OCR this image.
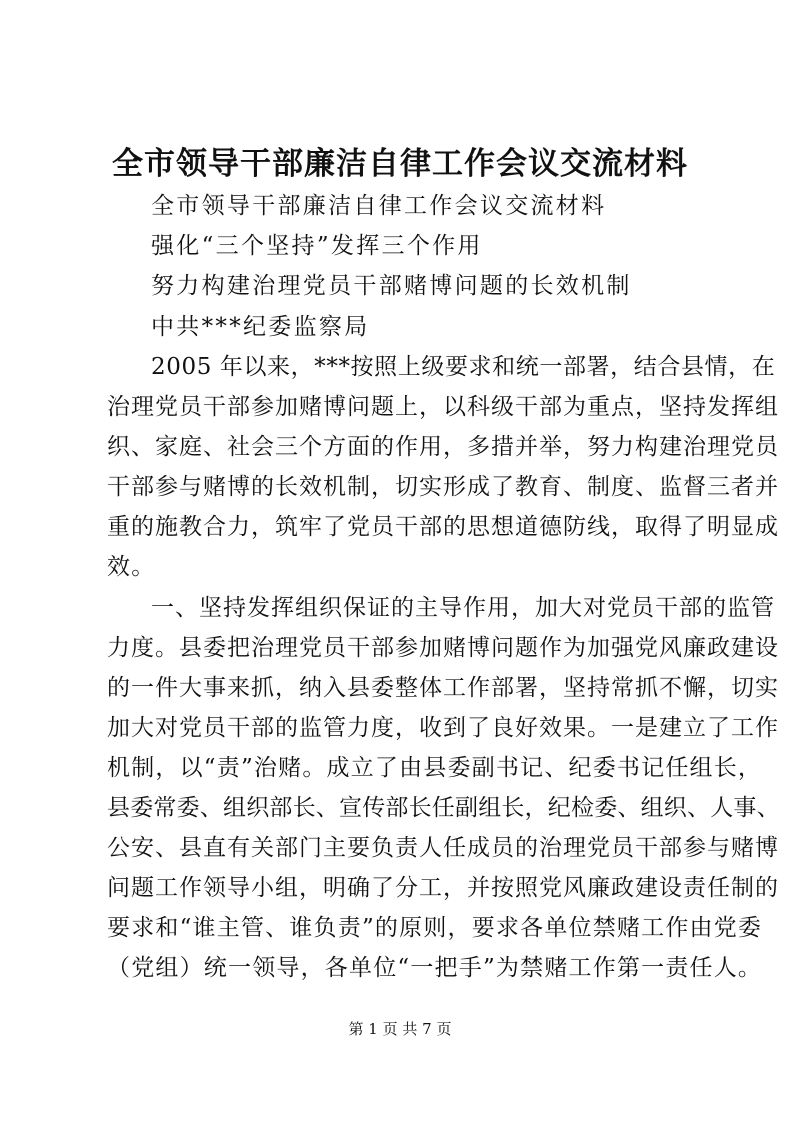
全市领导干部廉洁自律工作会议交流材料
全市领导干部廉洁自律工作会议交流材料
强化“三个坚持”发挥三个作用
努力构建治理党员干部赌博问题的长效机制
中共***纪委监察局
2005 年以来，***按照上级要求和统一部署，结合县情，在
治理党员干部参加赌博问题上，以科级干部为重点，坚持发挥组
织、家庭、社会三个方面的作用，多措并举，努力构建治理党员
干部参与赌博的长效机制，切实形成了教育、制度、监督三者并
重的施教合力，筑牢了党员干部的思想道德防线，取得了明显成
效。
一、坚持发挥组织保证的主导作用，加大对党员干部的监管
力度。县委把治理党员干部参加赌博问题作为加强党风廉政建设
的一件大事来抓，纳入县委整体工作部署，坚持常抓不懈，切实
加大对党员干部的监管力度，收到了良好效果。一是建立了工作
机制，以“责”治赌。成立了由县委副书记、纪委书记任组长，
县委常委、组织部长、宣传部长任副组长，纪检委、组织、人事、
公安、县直有关部门主要负责人任成员的治理党员干部参与赌博
问题工作领导小组，明确了分工，并按照党风廉政建设责任制的
要求和“谁主管、谁负责”的原则，要求各单位禁赌工作由党委
（党组）统一领导，各单位“一把手”为禁赌工作第一责任人。
第 1 页 共 7 页
